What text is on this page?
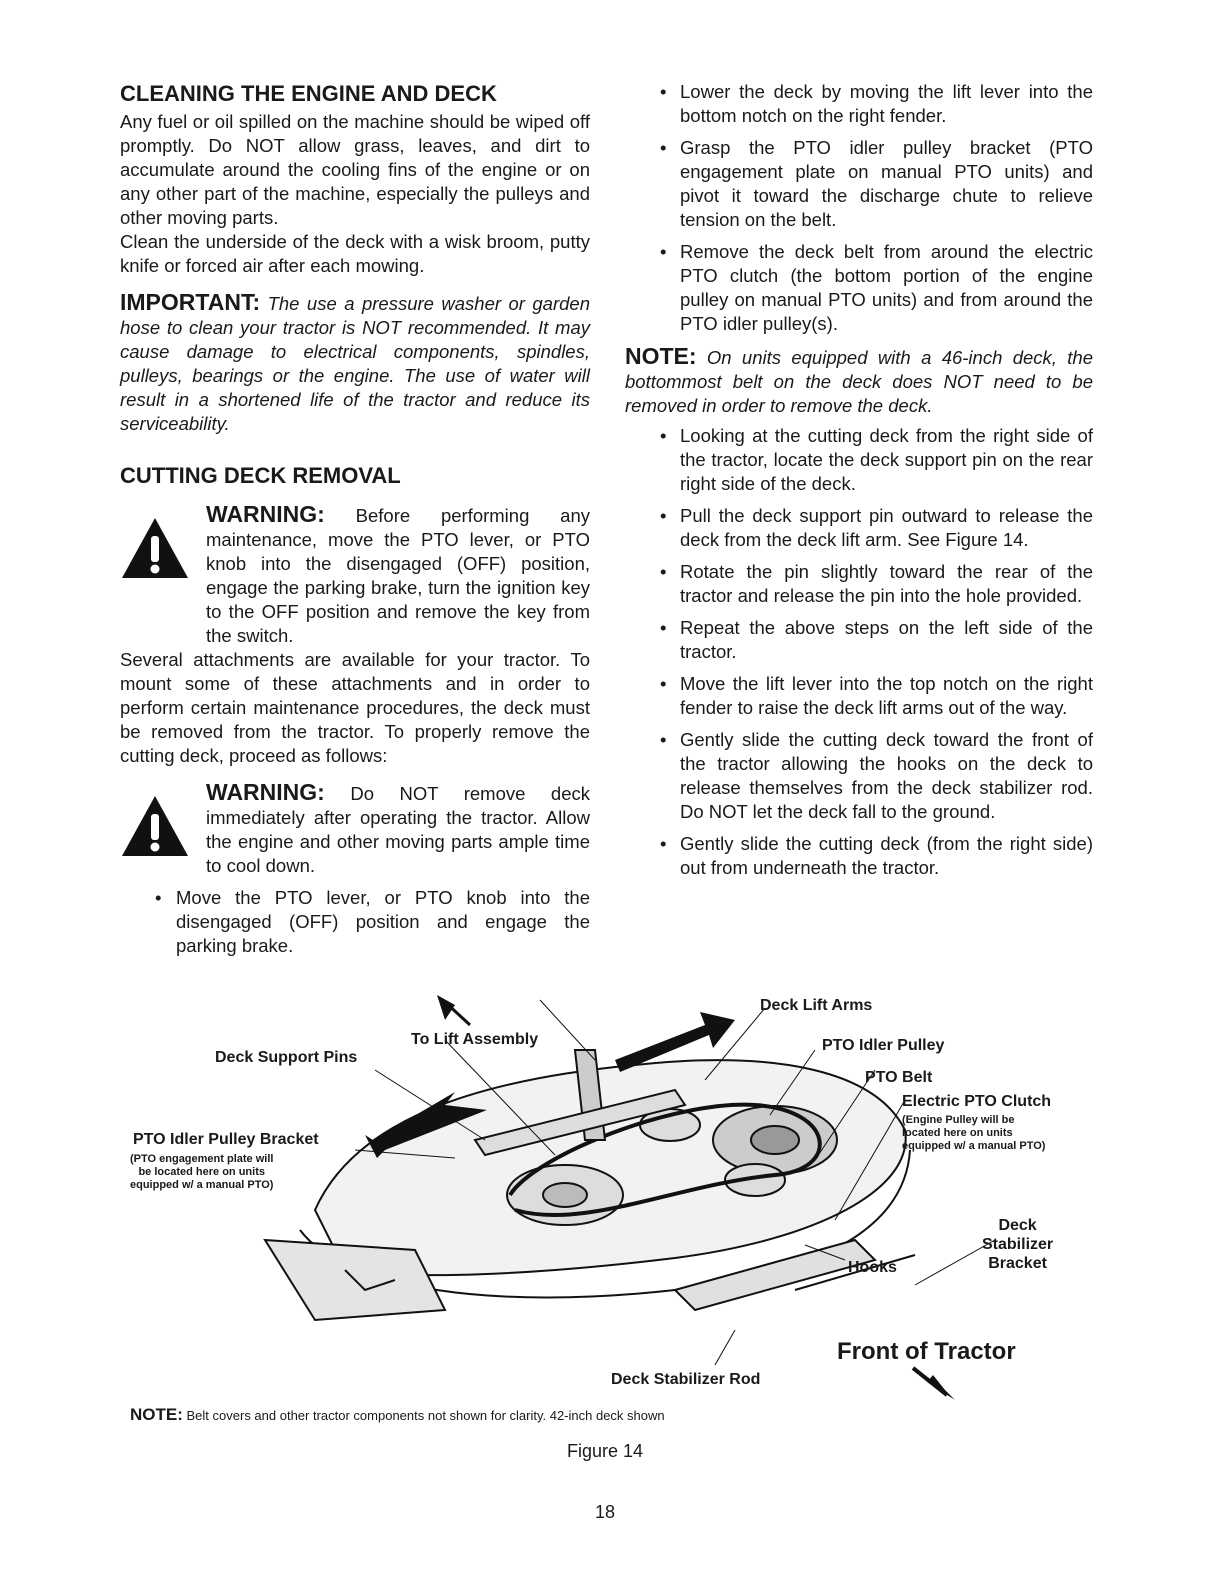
CLEANING THE ENGINE AND DECK

Any fuel or oil spilled on the machine should be wiped off promptly. Do NOT allow grass, leaves, and dirt to accumulate around the cooling fins of the engine or on any other part of the machine, especially the pulleys and other moving parts.

Clean the underside of the deck with a wisk broom, putty knife or forced air after each mowing.

IMPORTANT: The use a pressure washer or garden hose to clean your tractor is NOT recommended. It may cause damage to electrical components, spindles, pulleys, bearings or the engine. The use of water will result in a shortened life of the tractor and reduce its serviceability.

CUTTING DECK REMOVAL

WARNING: Before performing any maintenance, move the PTO lever, or PTO knob into the disengaged (OFF) position, engage the parking brake, turn the ignition key to the OFF position and remove the key from the switch.

Several attachments are available for your tractor. To mount some of these attachments and in order to perform certain maintenance procedures, the deck must be removed from the tractor. To properly remove the cutting deck, proceed as follows:

WARNING: Do NOT remove deck immediately after operating the tractor. Allow the engine and other moving parts ample time to cool down.

• Move the PTO lever, or PTO knob into the disengaged (OFF) position and engage the parking brake.
• Lower the deck by moving the lift lever into the bottom notch on the right fender.
• Grasp the PTO idler pulley bracket (PTO engagement plate on manual PTO units) and pivot it toward the discharge chute to relieve tension on the belt.
• Remove the deck belt from around the electric PTO clutch (the bottom portion of the engine pulley on manual PTO units) and from around the PTO idler pulley(s).

NOTE: On units equipped with a 46-inch deck, the bottommost belt on the deck does NOT need to be removed in order to remove the deck.

• Looking at the cutting deck from the right side of the tractor, locate the deck support pin on the rear right side of the deck.
• Pull the deck support pin outward to release the deck from the deck lift arm. See Figure 14.
• Rotate the pin slightly toward the rear of the tractor and release the pin into the hole provided.
• Repeat the above steps on the left side of the tractor.
• Move the lift lever into the top notch on the right fender to raise the deck lift arms out of the way.
• Gently slide the cutting deck toward the front of the tractor allowing the hooks on the deck to release themselves from the deck stabilizer rod. Do NOT let the deck fall to the ground.
• Gently slide the cutting deck (from the right side) out from underneath the tractor.
To Lift Assembly
Deck Support Pins
Deck Lift Arms
PTO Idler Pulley
PTO Belt
Electric PTO Clutch
(Engine Pulley will be
located here on units
equipped w/ a manual PTO)
PTO Idler Pulley Bracket
(PTO engagement plate will
be located here on units
equipped w/ a manual PTO)
Deck
Stabilizer
Bracket
Hooks
Front of Tractor
Deck Stabilizer Rod
NOTE: Belt covers and other tractor components not shown for clarity. 42-inch deck shown
Figure 14
18
